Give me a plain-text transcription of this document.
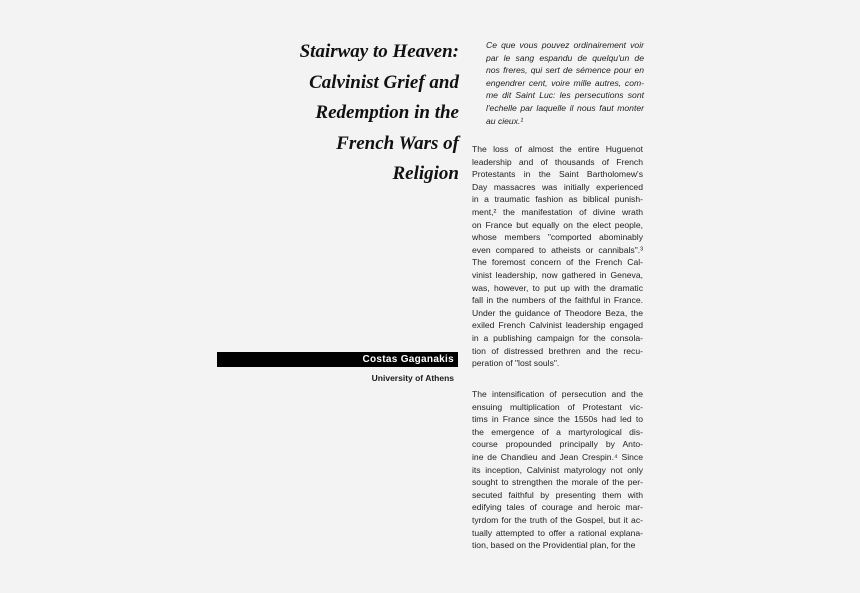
Stairway to Heaven:
Calvinist Grief and
Redemption in the
French Wars of
Religion
Costas Gaganakis
University of Athens
Ce que vous pouvez ordinairement voir
par le sang espandu de quelqu'un de
nos freres, qui sert de sémence pour en
engendrer cent, voire mille autres, com-
me dit Saint Luc: les persecutions sont
l'echelle par laquelle il nous faut monter
au cieux.¹
The loss of almost the entire Huguenot
leadership and of thousands of French
Protestants in the Saint Bartholomew's
Day massacres was initially experienced
in a traumatic fashion as biblical punish-
ment,² the manifestation of divine wrath
on France but equally on the elect people,
whose members "comported abominably
even compared to atheists or cannibals".³
The foremost concern of the French Cal-
vinist leadership, now gathered in Geneva,
was, however, to put up with the dramatic
fall in the numbers of the faithful in France.
Under the guidance of Theodore Beza, the
exiled French Calvinist leadership engaged
in a publishing campaign for the consola-
tion of distressed brethren and the recu-
peration of "lost souls".
The intensification of persecution and the
ensuing multiplication of Protestant vic-
tims in France since the 1550s had led to
the emergence of a martyrological dis-
course propounded principally by Anto-
ine de Chandieu and Jean Crespin.⁴ Since
its inception, Calvinist matyrology not only
sought to strengthen the morale of the per-
secuted faithful by presenting them with
edifying tales of courage and heroic mar-
tyrdom for the truth of the Gospel, but it ac-
tually attempted to offer a rational explana-
tion, based on the Providential plan, for the
